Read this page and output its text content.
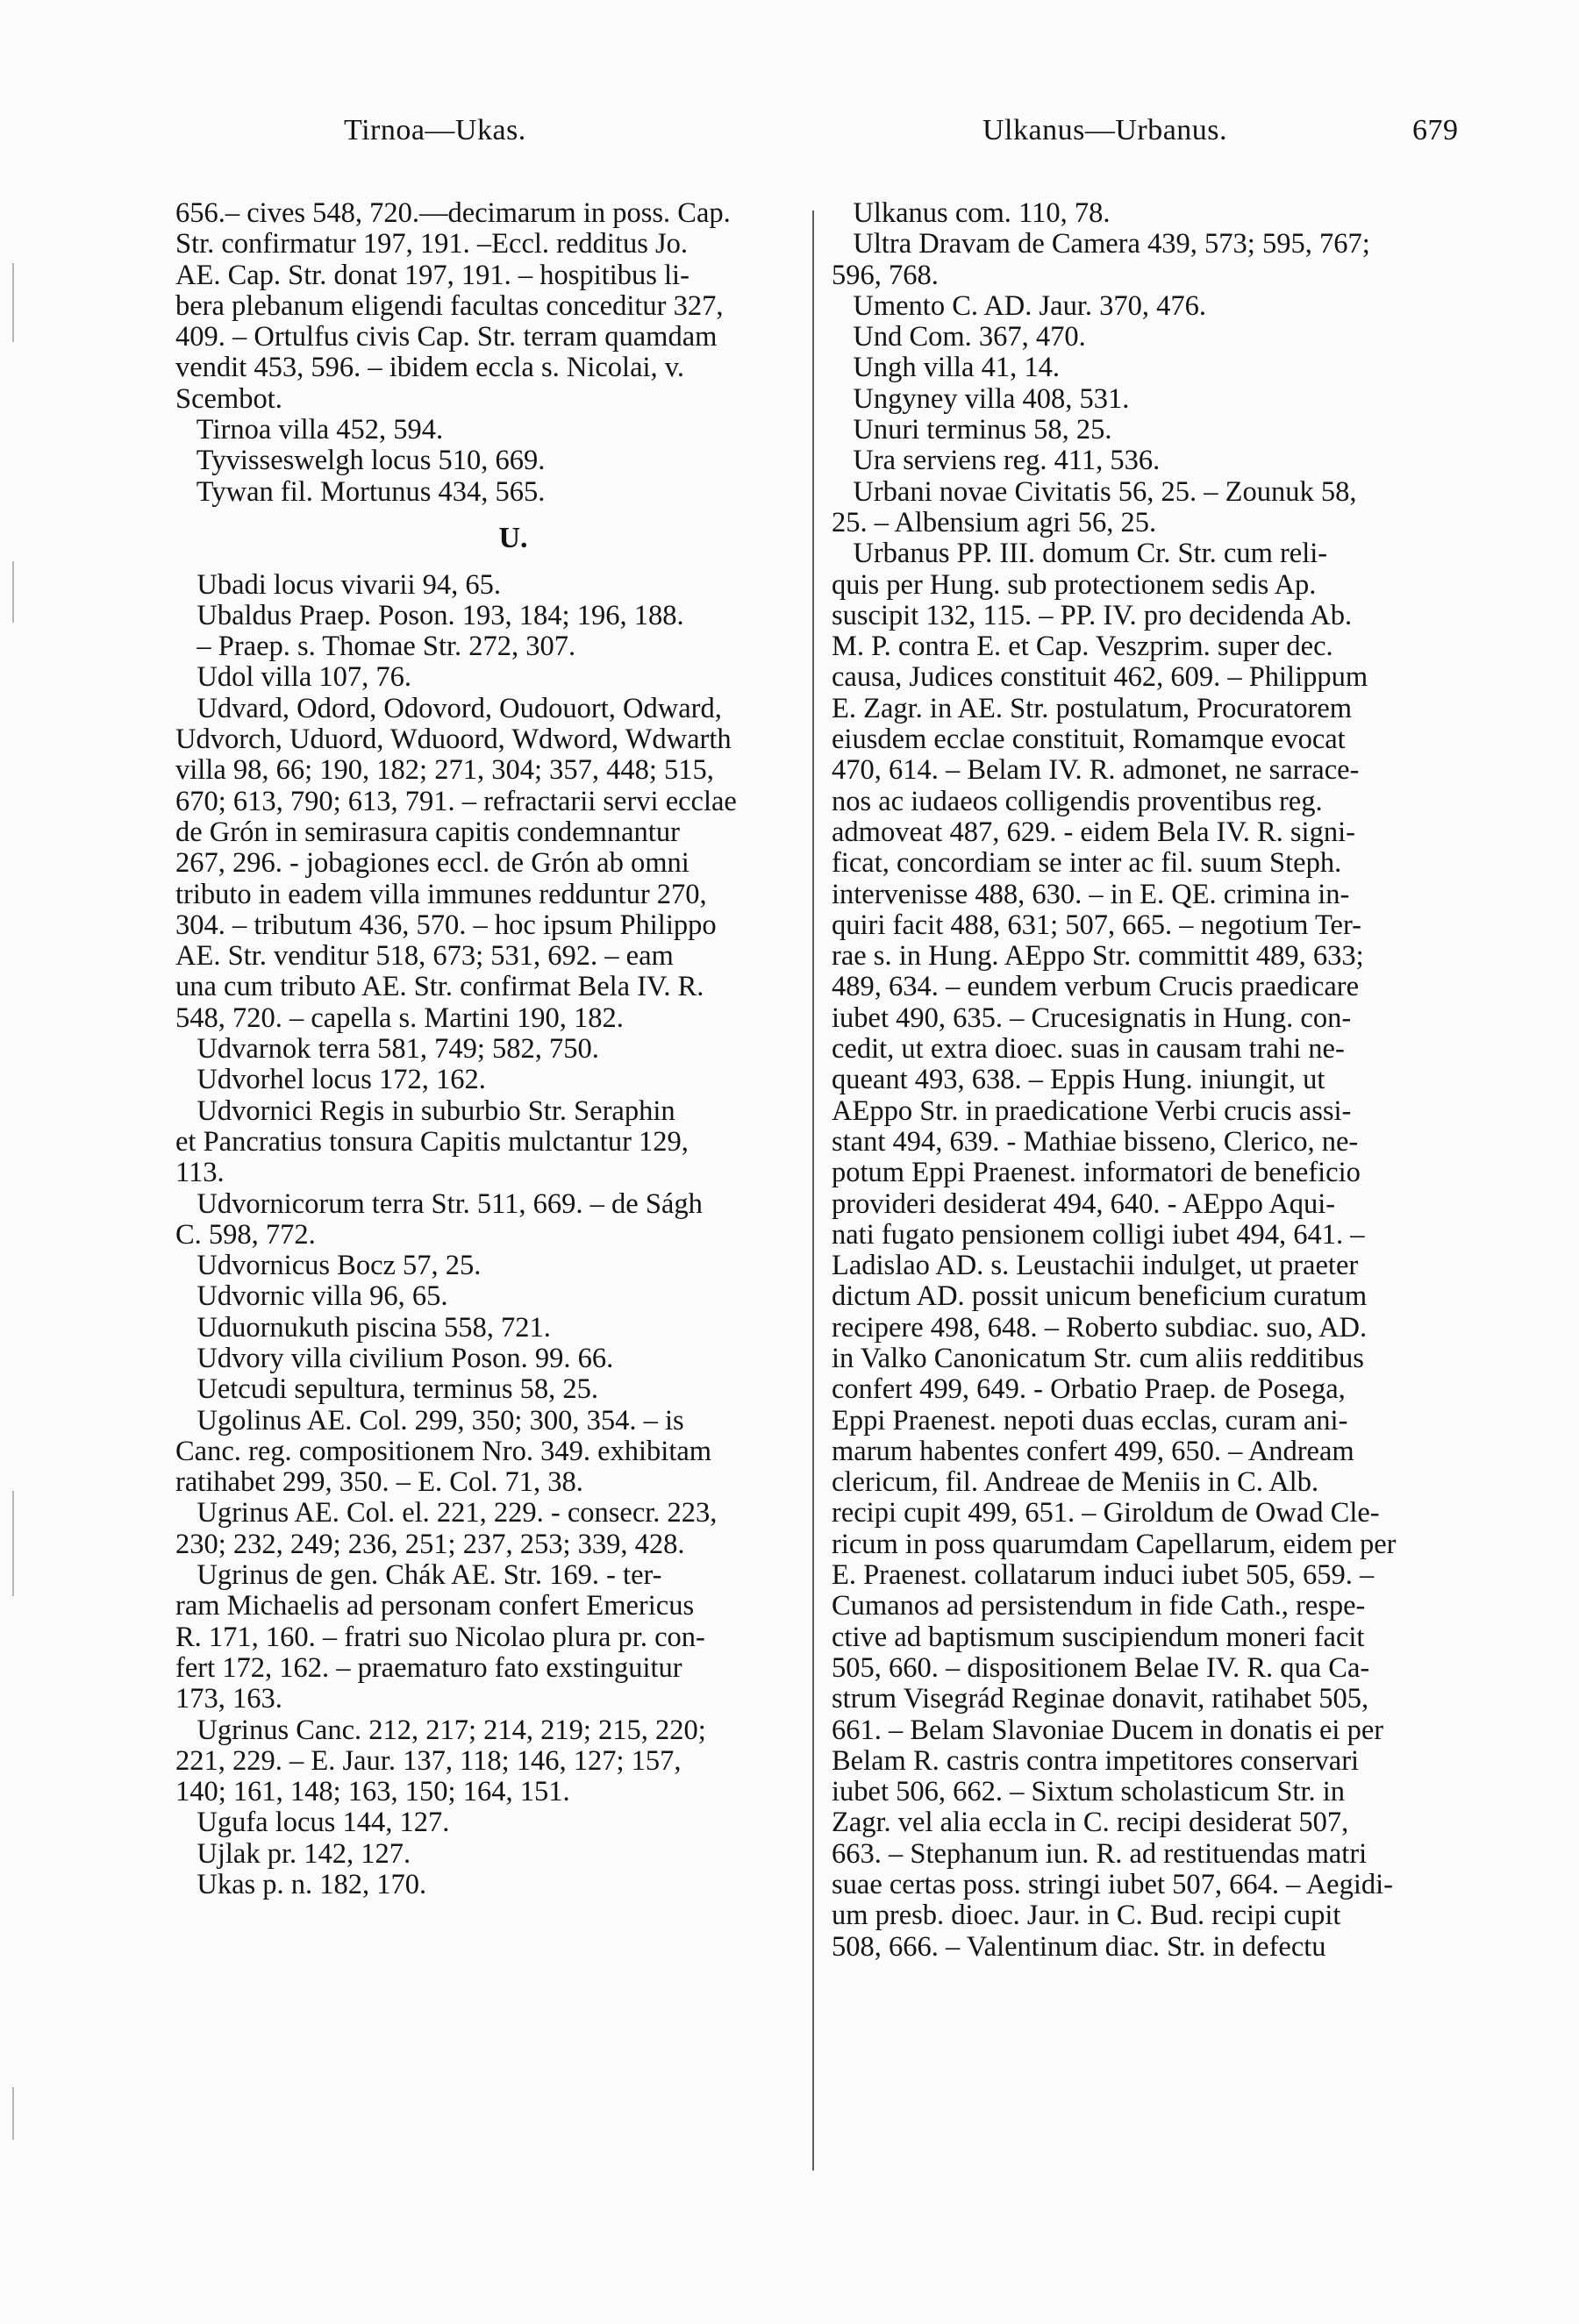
Tirnoa—Ukas.	Ulkanus—Urbanus.	679
656.– cives 548, 720.—decimarum in poss. Cap.
Str. confirmatur 197, 191. –Eccl. redditus Jo.
AE. Cap. Str. donat 197, 191. – hospitibus li-
bera plebanum eligendi facultas conceditur 327,
409. – Ortulfus civis Cap. Str. terram quamdam
vendit 453, 596. – ibidem eccla s. Nicolai, v.
Scembot.
Tirnoa villa 452, 594.
Tyvisseswelgh locus 510, 669.
Tywan fil. Mortunus 434, 565.
U.
Ubadi locus vivarii 94, 65.
Ubaldus Praep. Poson. 193, 184; 196, 188.
– Praep. s. Thomae Str. 272, 307.
Udol villa 107, 76.
Udvard, Odord, Odovord, Oudouort, Odward,
Udvorch, Uduord, Wduoord, Wdword, Wdwarth
villa 98, 66; 190, 182; 271, 304; 357, 448; 515,
670; 613, 790; 613, 791. – refractarii servi ecclae
de Grón in semirasura capitis condemnantur
267, 296. - jobagiones eccl. de Grón ab omni
tributo in eadem villa immunes redduntur 270,
304. – tributum 436, 570. – hoc ipsum Philippo
AE. Str. venditur 518, 673; 531, 692. – eam
una cum tributo AE. Str. confirmat Bela IV. R.
548, 720. – capella s. Martini 190, 182.
Udvarnok terra 581, 749; 582, 750.
Udvorhel locus 172, 162.
Udvornici Regis in suburbio Str. Seraphin
et Pancratius tonsura Capitis mulctantur 129,
113.
Udvornicorum terra Str. 511, 669. – de Ságh
C. 598, 772.
Udvornicus Bocz 57, 25.
Udvornic villa 96, 65.
Uduornukuth piscina 558, 721.
Udvory villa civilium Poson. 99. 66.
Uetcudi sepultura, terminus 58, 25.
Ugolinus AE. Col. 299, 350; 300, 354. – is
Canc. reg. compositionem Nro. 349. exhibitam
ratihabet 299, 350. – E. Col. 71, 38.
Ugrinus AE. Col. el. 221, 229. - consecr. 223,
230; 232, 249; 236, 251; 237, 253; 339, 428.
Ugrinus de gen. Chák AE. Str. 169. - ter-
ram Michaelis ad personam confert Emericus
R. 171, 160. – fratri suo Nicolao plura pr. con-
fert 172, 162. – praematuro fato exstinguitur
173, 163.
Ugrinus Canc. 212, 217; 214, 219; 215, 220;
221, 229. – E. Jaur. 137, 118; 146, 127; 157,
140; 161, 148; 163, 150; 164, 151.
Ugufa locus 144, 127.
Ujlak pr. 142, 127.
Ukas p. n. 182, 170.
Ulkanus com. 110, 78.
Ultra Dravam de Camera 439, 573; 595, 767;
596, 768.
Umento C. AD. Jaur. 370, 476.
Und Com. 367, 470.
Ungh villa 41, 14.
Ungyney villa 408, 531.
Unuri terminus 58, 25.
Ura serviens reg. 411, 536.
Urbani novae Civitatis 56, 25. – Zounuk 58,
25. – Albensium agri 56, 25.
Urbanus PP. III. domum Cr. Str. cum reli-
quis per Hung. sub protectionem sedis Ap.
suscipit 132, 115. – PP. IV. pro decidenda Ab.
M. P. contra E. et Cap. Veszprim. super dec.
causa, Judices constituit 462, 609. – Philippum
E. Zagr. in AE. Str. postulatum, Procuratorem
eiusdem ecclae constituit, Romamque evocat
470, 614. – Belam IV. R. admonet, ne sarrace-
nos ac iudaeos colligendis proventibus reg.
admoveat 487, 629. - eidem Bela IV. R. signi-
ficat, concordiam se inter ac fil. suum Steph.
intervenisse 488, 630. – in E. QE. crimina in-
quiri facit 488, 631; 507, 665. – negotium Ter-
rae s. in Hung. AEppo Str. committit 489, 633;
489, 634. – eundem verbum Crucis praedicare
iubet 490, 635. – Crucesignatis in Hung. con-
cedit, ut extra dioec. suas in causam trahi ne-
queant 493, 638. – Eppis Hung. iniungit, ut
AEppo Str. in praedicatione Verbi crucis assi-
stant 494, 639. - Mathiae bisseno, Clerico, ne-
potum Eppi Praenest. informatori de beneficio
provideri desiderat 494, 640. - AEppo Aqui-
nati fugato pensionem colligi iubet 494, 641. –
Ladislao AD. s. Leustachii indulget, ut praeter
dictum AD. possit unicum beneficium curatum
recipere 498, 648. – Roberto subdiac. suo, AD.
in Valko Canonicatum Str. cum aliis redditibus
confert 499, 649. - Orbatio Praep. de Posega,
Eppi Praenest. nepoti duas ecclas, curam ani-
marum habentes confert 499, 650. – Andream
clericum, fil. Andreae de Meniis in C. Alb.
recipi cupit 499, 651. – Giroldum de Owad Cle-
ricum in poss quarumdam Capellarum, eidem per
E. Praenest. collatarum induci iubet 505, 659. –
Cumanos ad persistendum in fide Cath., respe-
ctive ad baptismum suscipiendum moneri facit
505, 660. – dispositionem Belae IV. R. qua Ca-
strum Visegrád Reginae donavit, ratihabet 505,
661. – Belam Slavoniae Ducem in donatis ei per
Belam R. castris contra impetitores conservari
iubet 506, 662. – Sixtum scholasticum Str. in
Zagr. vel alia eccla in C. recipi desiderat 507,
663. – Stephanum iun. R. ad restituendas matri
suae certas poss. stringi iubet 507, 664. – Aegidi-
um presb. dioec. Jaur. in C. Bud. recipi cupit
508, 666. – Valentinum diac. Str. in defectu
